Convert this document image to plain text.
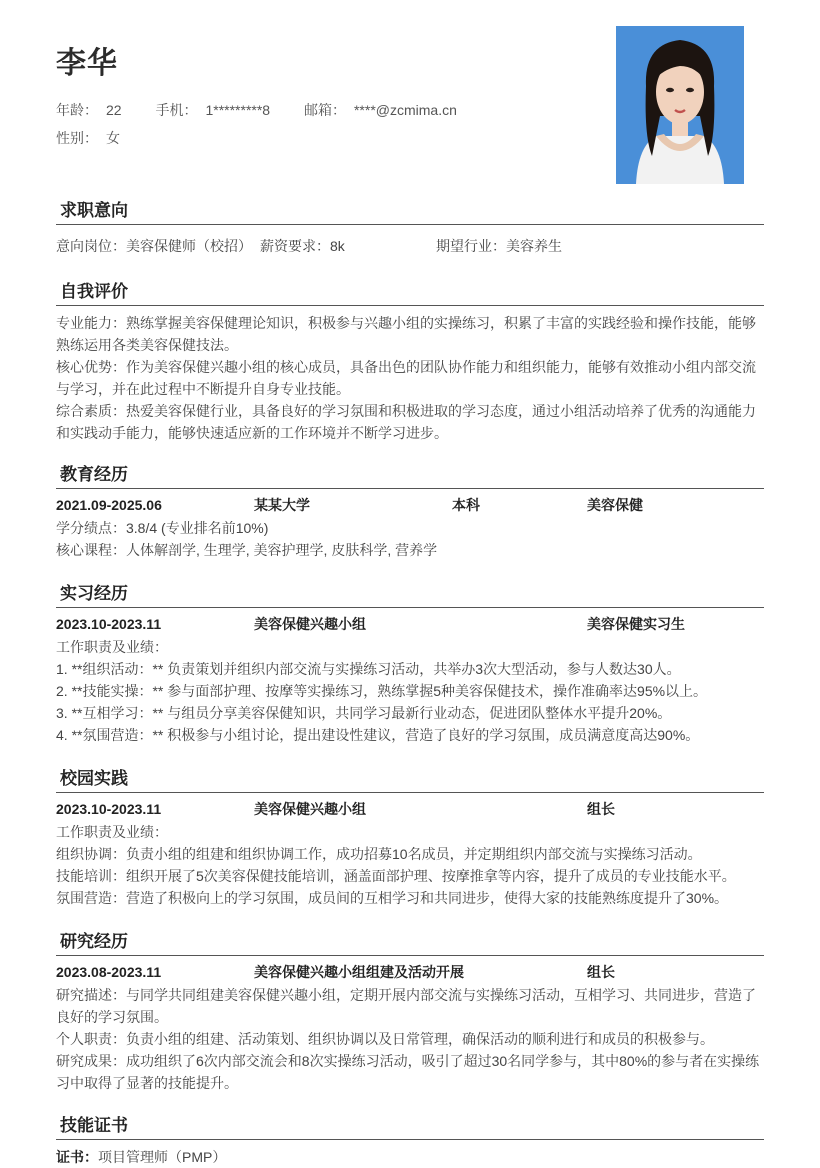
李华
年龄： 22 手机： 1*********8 邮箱： ****@zcmima.cn
性别： 女
求职意向
意向岗位：美容保健师（校招） 薪资要求：8k	期望行业：美容养生
自我评价
专业能力：熟练掌握美容保健理论知识，积极参与兴趣小组的实操练习，积累了丰富的实践经验和操作技能，能够
熟练运用各类美容保健技法。
核心优势：作为美容保健兴趣小组的核心成员，具备出色的团队协作能力和组织能力，能够有效推动小组内部交流
与学习，并在此过程中不断提升自身专业技能。
综合素质：热爱美容保健行业，具备良好的学习氛围和积极进取的学习态度，通过小组活动培养了优秀的沟通能力
和实践动手能力，能够快速适应新的工作环境并不断学习进步。
教育经历
2021.09-2025.06	某某大学	本科	美容保健
学分绩点：3.8/4 (专业排名前10%)
核心课程：人体解剖学, 生理学, 美容护理学, 皮肤科学, 营养学
实习经历
2023.10-2023.11	美容保健兴趣小组	美容保健实习生
工作职责及业绩：
1. **组织活动：** 负责策划并组织内部交流与实操练习活动，共举办3次大型活动，参与人数达30人。
2. **技能实操：** 参与面部护理、按摩等实操练习，熟练掌握5种美容保健技术，操作准确率达95%以上。
3. **互相学习：** 与组员分享美容保健知识，共同学习最新行业动态，促进团队整体水平提升20%。
4. **氛围营造：** 积极参与小组讨论，提出建设性建议，营造了良好的学习氛围，成员满意度高达90%。
校园实践
2023.10-2023.11	美容保健兴趣小组	组长
工作职责及业绩：
组织协调：负责小组的组建和组织协调工作，成功招募10名成员，并定期组织内部交流与实操练习活动。
技能培训：组织开展了5次美容保健技能培训，涵盖面部护理、按摩推拿等内容，提升了成员的专业技能水平。
氛围营造：营造了积极向上的学习氛围，成员间的互相学习和共同进步，使得大家的技能熟练度提升了30%。
研究经历
2023.08-2023.11	美容保健兴趣小组组建及活动开展	组长
研究描述：与同学共同组建美容保健兴趣小组，定期开展内部交流与实操练习活动，互相学习、共同进步，营造了
良好的学习氛围。
个人职责：负责小组的组建、活动策划、组织协调以及日常管理，确保活动的顺利进行和成员的积极参与。
研究成果：成功组织了6次内部交流会和8次实操练习活动，吸引了超过30名同学参与，其中80%的参与者在实操练
习中取得了显著的技能提升。
技能证书
证书：项目管理师（PMP）
